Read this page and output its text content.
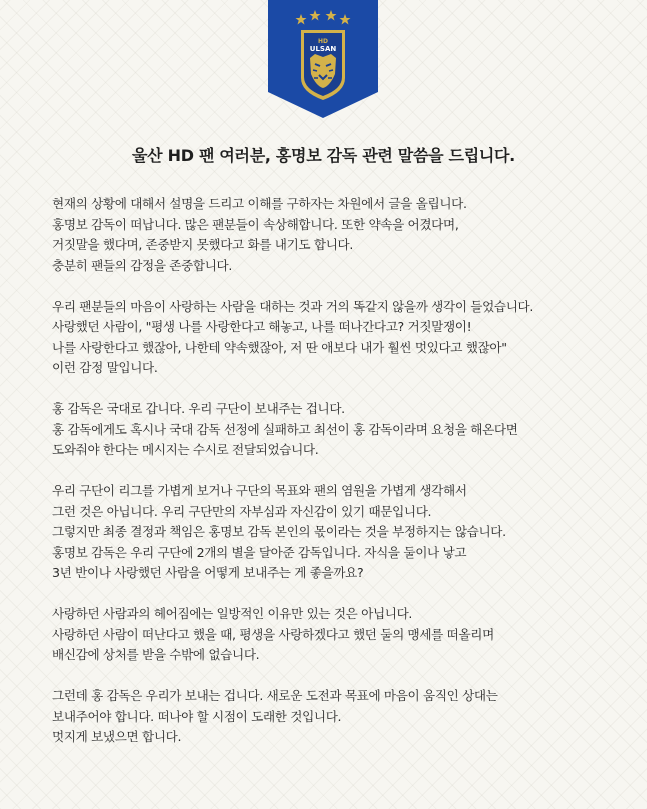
HD
ULSAN
울산 HD 팬 여러분, 홍명보 감독 관련 말씀을 드립니다.

현재의 상황에 대해서 설명을 드리고 이해를 구하자는 차원에서 글을 올립니다.
홍명보 감독이 떠납니다. 많은 팬분들이 속상해합니다. 또한 약속을 어겼다며,
거짓말을 했다며, 존중받지 못했다고 화를 내기도 합니다.
충분히 팬들의 감정을 존중합니다.

우리 팬분들의 마음이 사랑하는 사람을 대하는 것과 거의 똑같지 않을까 생각이 들었습니다.
사랑했던 사람이, "평생 나를 사랑한다고 해놓고, 나를 떠나간다고? 거짓말쟁이!
나를 사랑한다고 했잖아, 나한테 약속했잖아, 저 딴 애보다 내가 훨씬 멋있다고 했잖아"
이런 감정 말입니다.

홍 감독은 국대로 갑니다. 우리 구단이 보내주는 겁니다.
홍 감독에게도 혹시나 국대 감독 선정에 실패하고 최선이 홍 감독이라며 요청을 해온다면
도와줘야 한다는 메시지는 수시로 전달되었습니다.

우리 구단이 리그를 가볍게 보거나 구단의 목표와 팬의 염원을 가볍게 생각해서
그런 것은 아닙니다. 우리 구단만의 자부심과 자신감이 있기 때문입니다.
그렇지만 최종 결정과 책임은 홍명보 감독 본인의 몫이라는 것을 부정하지는 않습니다.
홍명보 감독은 우리 구단에 2개의 별을 달아준 감독입니다. 자식을 둘이나 낳고
3년 반이나 사랑했던 사람을 어떻게 보내주는 게 좋을까요?

사랑하던 사람과의 헤어짐에는 일방적인 이유만 있는 것은 아닙니다.
사랑하던 사람이 떠난다고 했을 때, 평생을 사랑하겠다고 했던 둘의 맹세를 떠올리며
배신감에 상처를 받을 수밖에 없습니다.

그런데 홍 감독은 우리가 보내는 겁니다. 새로운 도전과 목표에 마음이 움직인 상대는
보내주어야 합니다. 떠나야 할 시점이 도래한 것입니다.
멋지게 보냈으면 합니다.
